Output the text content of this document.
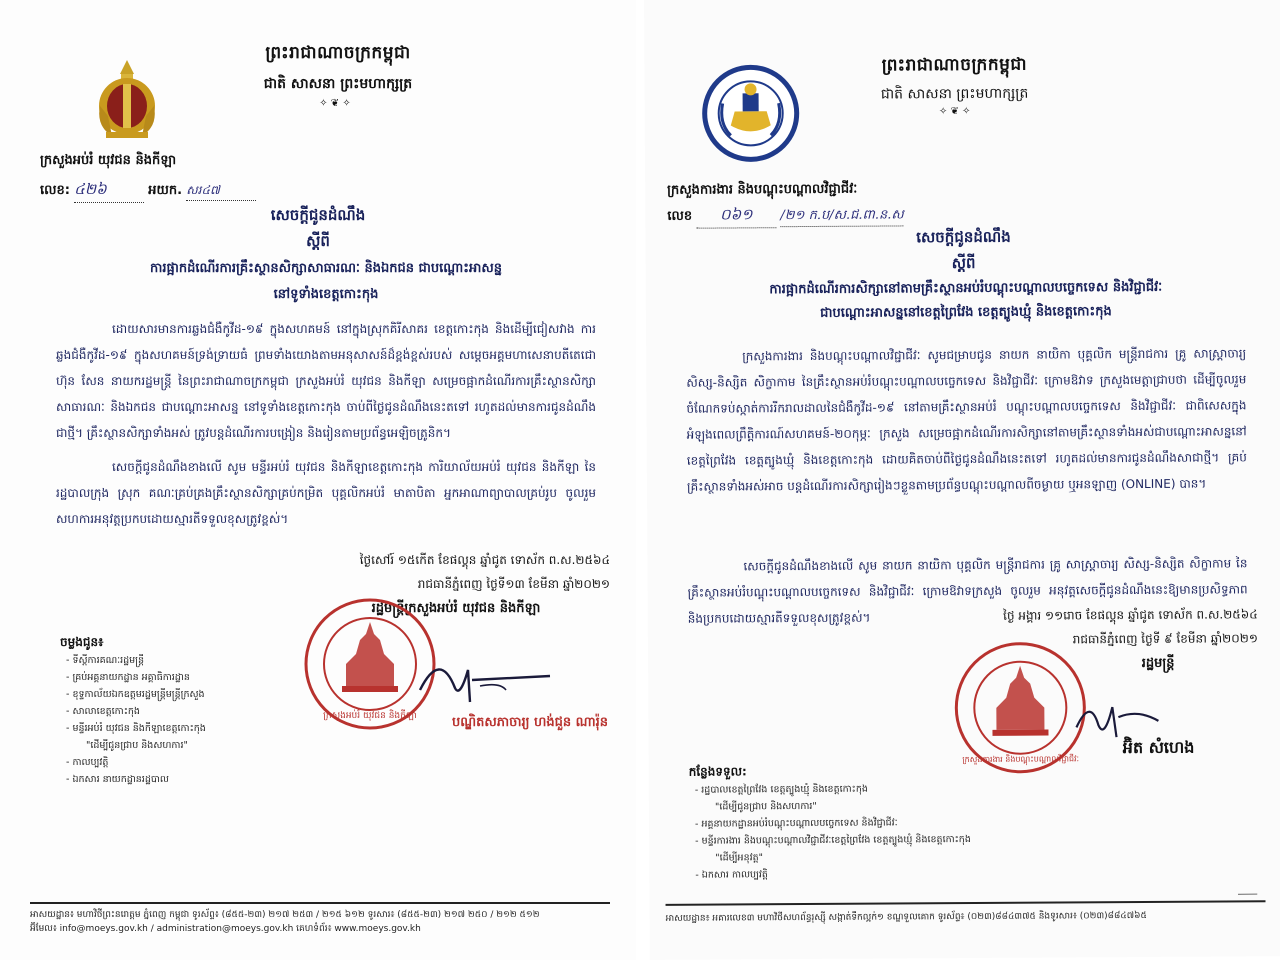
ព្រះរាជាណាចក្រកម្ពុជា
ជាតិ សាសនា ព្រះមហាក្សត្រ
✧ ❦ ✧
ក្រសួងអប់រំ យុវជន និងកីឡា
លេខ: ៤២៦	អយក. សរ៤៧
សេចក្តីជូនដំណឹង
ស្តីពី
ការផ្អាកដំណើរការគ្រឹះស្ថានសិក្សាសាធារណៈ និងឯកជន ជាបណ្តោះអាសន្ន
នៅទូទាំងខេត្តកោះកុង
ដោយសារមានការឆ្លងជំងឺកូវីដ-១៩ ក្នុងសហគមន៍ នៅក្នុងស្រុកគិរីសាគរ ខេត្តកោះកុង និងដើម្បីជៀសវាង ការឆ្លងជំងឺកូវីដ-១៩ ក្នុងសហគមន៍ទ្រង់ទ្រាយធំ ព្រមទាំងយោងតាមអនុសាសន៍ដ៏ខ្ពង់ខ្ពស់របស់ សម្តេចអគ្គមហាសេនាបតីតេជោ ហ៊ុន សែន នាយករដ្ឋមន្រ្តី នៃព្រះរាជាណាចក្រកម្ពុជា ក្រសួងអប់រំ យុវជន និងកីឡា សម្រេចផ្អាកដំណើរការគ្រឹះស្ថានសិក្សាសាធារណៈ និងឯកជន ជាបណ្តោះអាសន្ន នៅទូទាំងខេត្តកោះកុង ចាប់ពីថ្ងៃជូនដំណឹងនេះតទៅ រហូតដល់មានការជូនដំណឹងជាថ្មី។ គ្រឹះស្ថានសិក្សាទាំងអស់ ត្រូវបន្តដំណើរការបង្រៀន និងរៀនតាមប្រព័ន្ធអេឡិចត្រូនិក។
សេចក្តីជូនដំណឹងខាងលើ សូម មន្ទីរអប់រំ យុវជន និងកីឡាខេត្តកោះកុង ការិយាល័យអប់រំ យុវជន និងកីឡា នៃរដ្ឋបាលក្រុង ស្រុក គណៈគ្រប់គ្រងគ្រឹះស្ថានសិក្សាគ្រប់កម្រិត បុគ្គលិកអប់រំ មាតាបិតា អ្នកអាណាព្យាបាលគ្រប់រូប ចូលរួមសហការអនុវត្តប្រកបដោយស្មារតីទទួលខុសត្រូវខ្ពស់។
ថ្ងៃសៅរ៍ ១៥កើត ខែផល្គុន ឆ្នាំជូត ទោស័ក ព.ស.២៥៦៤
រាជធានីភ្នំពេញ ថ្ងៃទី១៣ ខែមីនា ឆ្នាំ២០២១
រដ្ឋមន្ត្រីក្រសួងអប់រំ យុវជន និងកីឡា
ក្រសួងអប់រំ យុវជន និងកីឡា	បណ្ឌិតសភាចារ្យ ហង់ជួន ណារ៉ុន
ចម្លងជូន៖
- ទីស្តីការគណៈរដ្ឋមន្ត្រី
- គ្រប់អគ្គនាយកដ្ឋាន អគ្គាធិការដ្ឋាន
- ខុទ្ទកាល័យឯកឧត្តមរដ្ឋមន្ត្រីមន្ត្រីក្រសួង
- សាលាខេត្តកោះកុង
- មន្ទីរអប់រំ យុវជន និងកីឡាខេត្តកោះកុង
"ដើម្បីជូនជ្រាប និងសហការ"
- កាលប្បវត្តិ
- ឯកសារ នាយកដ្ឋានរដ្ឋបាល
អាសយដ្ឋាន៖ មហាវិថីព្រះនរោត្តម ភ្នំពេញ កម្ពុជា ទូរស័ព្ទ៖ (៨៥៥-២៣) ២១៧ ២៥៣ / ២១៥ ៦១២ ទូរសារ៖ (៨៥៥-២៣) ២១៧ ២៥០ / ២១២ ៥១២
អ៊ីមែល៖ info@moeys.gov.kh / administration@moeys.gov.kh គេហទំព័រ៖ www.moeys.gov.kh
ព្រះរាជាណាចក្រកម្ពុជា
ជាតិ សាសនា ព្រះមហាក្សត្រ
✧ ❦ ✧
ក្រសួងការងារ និងបណ្តុះបណ្តាលវិជ្ជាជីវៈ
លេខ ០៦១ /២១ ក.ប/ស.ជ.ពា.ន.ស
សេចក្តីជូនដំណឹង
ស្តីពី
ការផ្អាកដំណើរការសិក្សានៅតាមគ្រឹះស្ថានអប់រំបណ្តុះបណ្តាលបច្ចេកទេស និងវិជ្ជាជីវៈ
ជាបណ្តោះអាសន្ននៅខេត្តព្រៃវែង ខេត្តត្បូងឃ្មុំ និងខេត្តកោះកុង
ក្រសួងការងារ និងបណ្តុះបណ្តាលវិជ្ជាជីវៈ សូមជម្រាបជូន នាយក នាយិកា បុគ្គលិក មន្ត្រីរាជការ គ្រូ សាស្ត្រាចារ្យ សិស្ស-និស្សិត សិក្ខាកាម នៃគ្រឹះស្ថានអប់រំបណ្តុះបណ្តាលបច្ចេកទេស និងវិជ្ជាជីវៈ ក្រោមឱវាទ ក្រសួងមេត្តាជ្រាបថា ដើម្បីចូលរួមចំណែកទប់ស្កាត់ការរីករាលដាលនៃជំងឺកូវីដ-១៩ នៅតាមគ្រឹះស្ថានអប់រំ បណ្តុះបណ្តាលបច្ចេកទេស និងវិជ្ជាជីវៈ ជាពិសេសក្នុងអំឡុងពេលព្រឹត្តិការណ៍សហគមន៍-២០កុម្ភៈ ក្រសួង សម្រេចផ្អាកដំណើរការសិក្សានៅតាមគ្រឹះស្ថានទាំងអស់ជាបណ្តោះអាសន្ននៅខេត្តព្រៃវែង ខេត្តត្បូងឃ្មុំ និងខេត្តកោះកុង ដោយគិតចាប់ពីថ្ងៃជូនដំណឹងនេះតទៅ រហូតដល់មានការជូនដំណឹងសាជាថ្មី។ គ្រប់គ្រឹះស្ថានទាំងអស់អាច បន្តដំណើរការសិក្សារៀងៗខ្លួនតាមប្រព័ន្ធបណ្តុះបណ្តាលពីចម្ងាយ ឬអនឡាញ (ONLINE) បាន។
សេចក្តីជូនដំណឹងខាងលើ សូម នាយក នាយិកា បុគ្គលិក មន្ត្រីរាជការ គ្រូ សាស្ត្រាចារ្យ សិស្ស-និស្សិត សិក្ខាកាម នៃគ្រឹះស្ថានអប់រំបណ្តុះបណ្តាលបច្ចេកទេស និងវិជ្ជាជីវៈ ក្រោមឱវាទក្រសួង ចូលរួម អនុវត្តសេចក្តីជូនដំណឹងនេះឱ្យមានប្រសិទ្ធភាព និងប្រកបដោយស្មារតីទទួលខុសត្រូវខ្ពស់។	ថ្ងៃ អង្គារ ១១រោច ខែផល្គុន ឆ្នាំជូត ទោស័ក ព.ស.២៥៦៤
រាជធានីភ្នំពេញ ថ្ងៃទី ៩ ខែមីនា ឆ្នាំ២០២១
រដ្ឋមន្ត្រី
ក្រសួងការងារ និងបណ្តុះបណ្តាលវិជ្ជាជីវៈ
អ៊ិត សំហេង
កន្លែងទទួល:
- រដ្ឋបាលខេត្តព្រៃវែង ខេត្តត្បូងឃ្មុំ និងខេត្តកោះកុង
"ដើម្បីជូនជ្រាប និងសហការ"
- អគ្គនាយកដ្ឋានអប់រំបណ្តុះបណ្តាលបច្ចេកទេស និងវិជ្ជាជីវៈ
- មន្ទីរការងារ និងបណ្តុះបណ្តាលវិជ្ជាជីវៈខេត្តព្រៃវែង ខេត្តត្បូងឃ្មុំ និងខេត្តកោះកុង
"ដើម្បីអនុវត្ត"
- ឯកសារ កាលប្បវត្តិ
⸺
អាសយដ្ឋាន៖ អគារលេខ៣ មហាវិថីសហព័ន្ធរុស្ស៊ី សង្កាត់ទឹកល្អក់១ ខណ្ឌទួលគោក ទូរស័ព្ទ៖ (០២៣)៨៨៤៣៧៥ និងទូរសារ៖ (០២៣)៨៨៤៧៦៥
